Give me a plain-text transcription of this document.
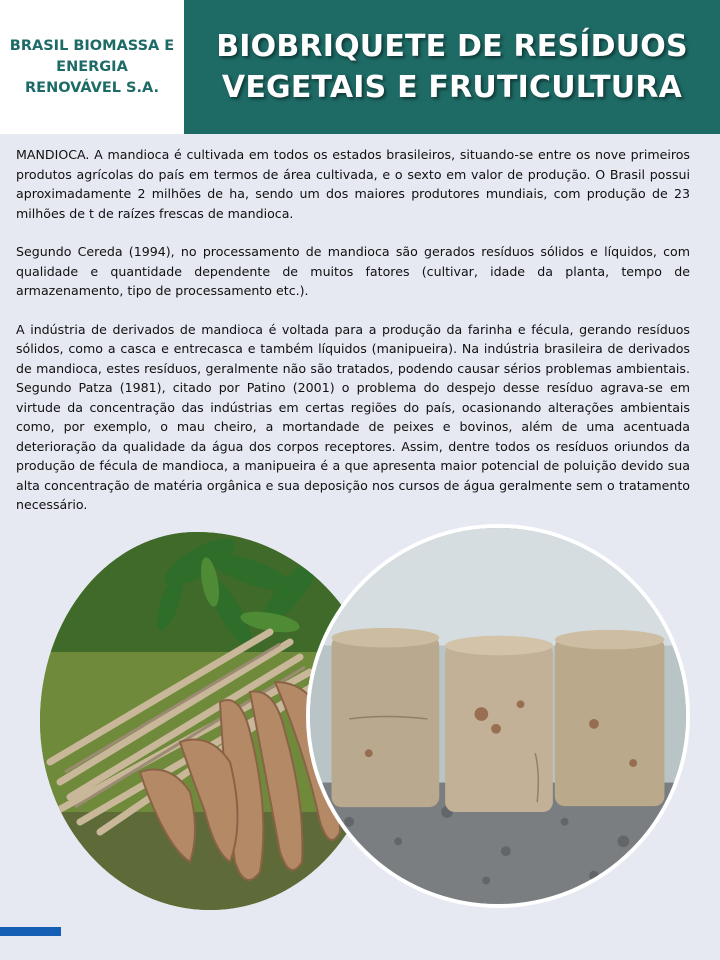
BRASIL BIOMASSA E
ENERGIA
RENOVÁVEL S.A.
BIOBRIQUETE DE RESÍDUOS
VEGETAIS E FRUTICULTURA

MANDIOCA. A mandioca é cultivada em todos os estados brasileiros, situando-se entre os nove primeiros produtos agrícolas do país em termos de área cultivada, e o sexto em valor de produção. O Brasil possui aproximadamente 2 milhões de ha, sendo um dos maiores produtores mundiais, com produção de 23 milhões de t de raízes frescas de mandioca.

Segundo Cereda (1994), no processamento de mandioca são gerados resíduos sólidos e líquidos, com qualidade e quantidade dependente de muitos fatores (cultivar, idade da planta, tempo de armazenamento, tipo de processamento etc.).

A indústria de derivados de mandioca é voltada para a produção da farinha e fécula, gerando resíduos sólidos, como a casca e entrecasca e também líquidos (manipueira). Na indústria brasileira de derivados de mandioca, estes resíduos, geralmente não são tratados, podendo causar sérios problemas ambientais. Segundo Patza (1981), citado por Patino (2001) o problema do despejo desse resíduo agrava-se em virtude da concentração das indústrias em certas regiões do país, ocasionando alterações ambientais como, por exemplo, o mau cheiro, a mortandade de peixes e bovinos, além de uma acentuada deterioração da qualidade da água dos corpos receptores. Assim, dentre todos os resíduos oriundos da produção de fécula de mandioca, a manipueira é a que apresenta maior potencial de poluição devido sua alta concentração de matéria orgânica e sua deposição nos cursos de água geralmente sem o tratamento necessário.
